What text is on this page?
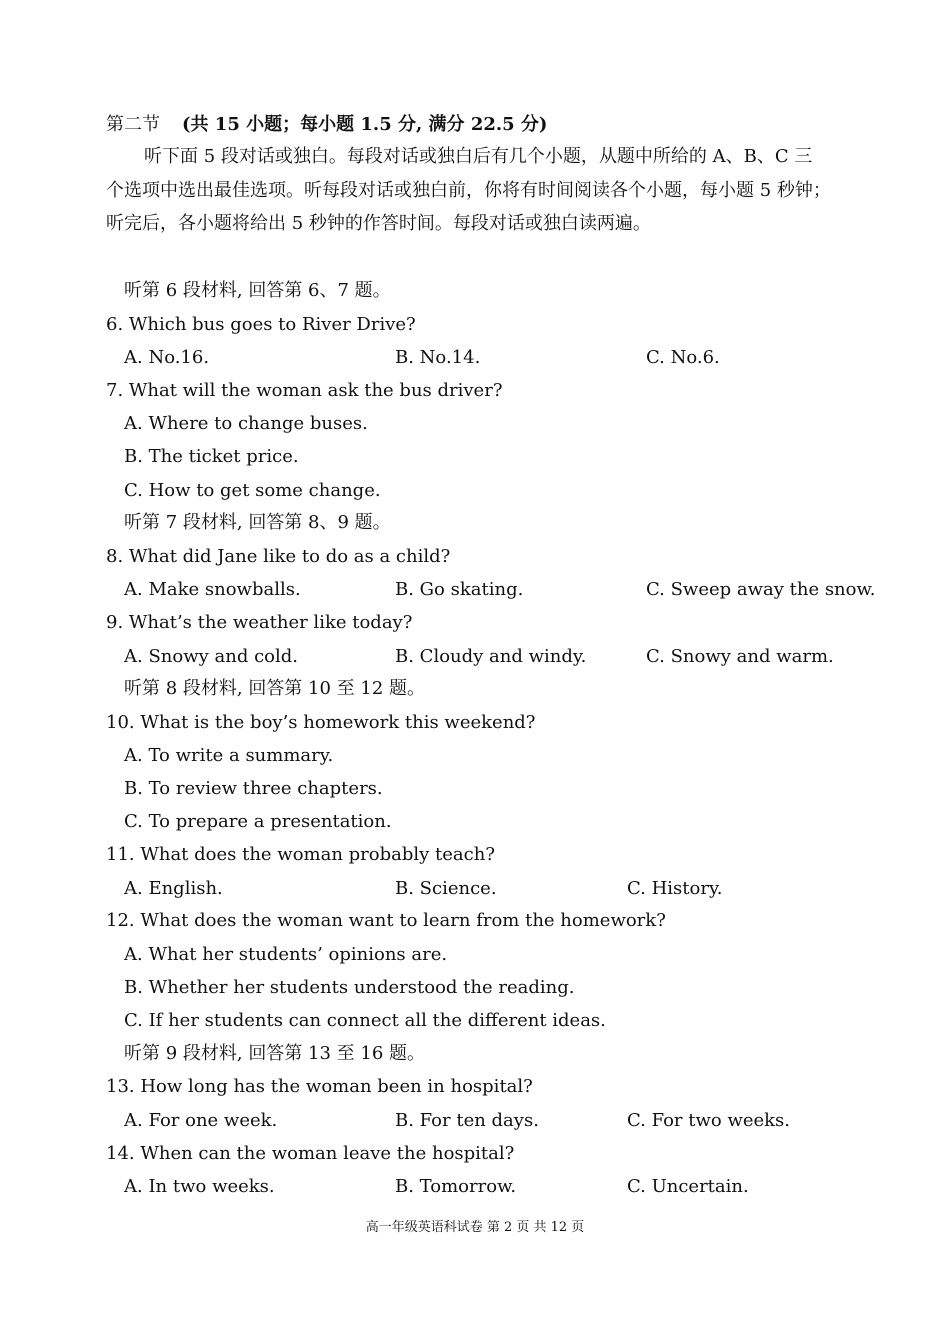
第二节 (共 15 小题；每小题 1.5 分, 满分 22.5 分)
听下面 5 段对话或独白。每段对话或独白后有几个小题，从题中所给的 A、B、C 三
个选项中选出最佳选项。听每段对话或独白前，你将有时间阅读各个小题，每小题 5 秒钟；
听完后，各小题将给出 5 秒钟的作答时间。每段对话或独白读两遍。
听第 6 段材料, 回答第 6、7 题。
6. Which bus goes to River Drive?
A. No.16.	B. No.14.	C. No.6.
7. What will the woman ask the bus driver?
A. Where to change buses.
B. The ticket price.
C. How to get some change.
听第 7 段材料, 回答第 8、9 题。
8. What did Jane like to do as a child?
A. Make snowballs.	B. Go skating.	C. Sweep away the snow.
9. What’s the weather like today?
A. Snowy and cold.	B. Cloudy and windy.	C. Snowy and warm.
听第 8 段材料, 回答第 10 至 12 题。
10. What is the boy’s homework this weekend?
A. To write a summary.
B. To review three chapters.
C. To prepare a presentation.
11. What does the woman probably teach?
A. English.	B. Science.	C. History.
12. What does the woman want to learn from the homework?
A. What her students’ opinions are.
B. Whether her students understood the reading.
C. If her students can connect all the different ideas.
听第 9 段材料, 回答第 13 至 16 题。
13. How long has the woman been in hospital?
A. For one week.	B. For ten days.	C. For two weeks.
14. When can the woman leave the hospital?
A. In two weeks.	B. Tomorrow.	C. Uncertain.
高一年级英语科试卷 第 2 页 共 12 页
